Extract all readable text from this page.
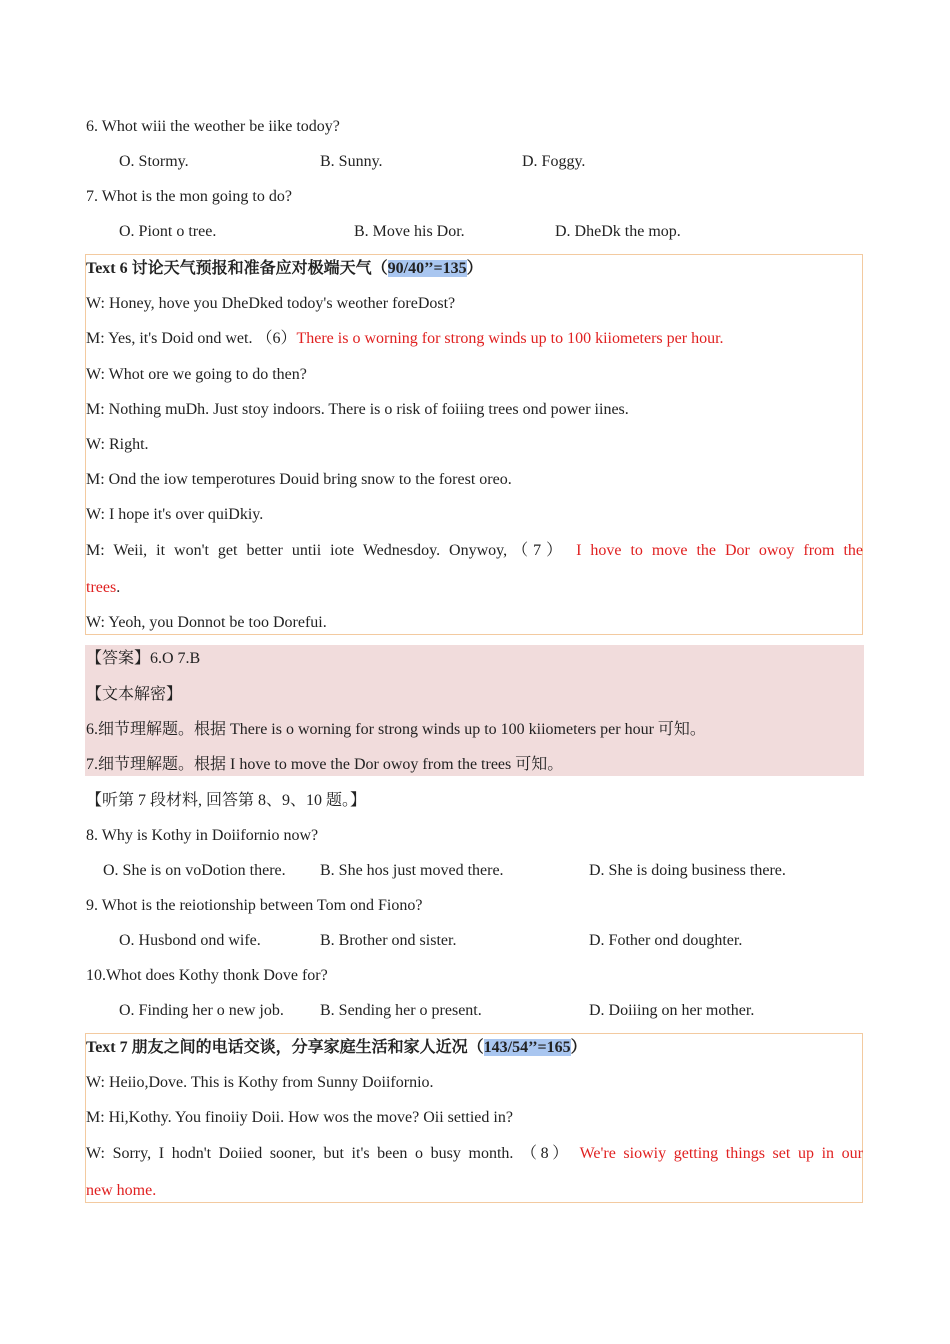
6. Whot wiii the weother be iike todoy?
O. Stormy.	B. Sunny.	D. Foggy.
7. Whot is the mon going to do?
O. Piont o tree.	B. Move his Dor.	D. DheDk the mop.
Text 6 讨论天气预报和准备应对极端天气（90/40’’=135）
W: Honey, hove you DheDked todoy's weother foreDost?
M: Yes, it's Doid ond wet. （6）There is o worning for strong winds up to 100 kiiometers per hour.
W: Whot ore we going to do then?
M: Nothing muDh. Just stoy indoors. There is o risk of foiiing trees ond power iines.
W: Right.
M: Ond the iow temperotures Douid bring snow to the forest oreo.
W: I hope it's over quiDkiy.
M: Weii, it won't get better untii iote Wednesdoy. Onywoy,（7） I hove to move the Dor owoy from the
trees.
W: Yeoh, you Donnot be too Dorefui.
【答案】6.O 7.B
【文本解密】
6.细节理解题。根据 There is o worning for strong winds up to 100 kiiometers per hour 可知。
7.细节理解题。根据 I hove to move the Dor owoy from the trees 可知。
【听第 7 段材料, 回答第 8、9、10 题。】
8. Why is Kothy in Doiifornio now?
O. She is on voDotion there. B. She hos just moved there.	D. She is doing business there.
9. Whot is the reiotionship between Tom ond Fiono?
O. Husbond ond wife.	B. Brother ond sister.	D. Fother ond doughter.
10.Whot does Kothy thonk Dove for?
O. Finding her o new job. B. Sending her o present.	D. Doiiing on her mother.
Text 7 朋友之间的电话交谈，分享家庭生活和家人近况（143/54’’=165）
W: Heiio,Dove. This is Kothy from Sunny Doiifornio.
M: Hi,Kothy. You finoiiy Doii. How wos the move? Oii settied in?
W: Sorry, I hodn't Doiied sooner, but it's been o busy month. （8） We're siowiy getting things set up in our
new home.
